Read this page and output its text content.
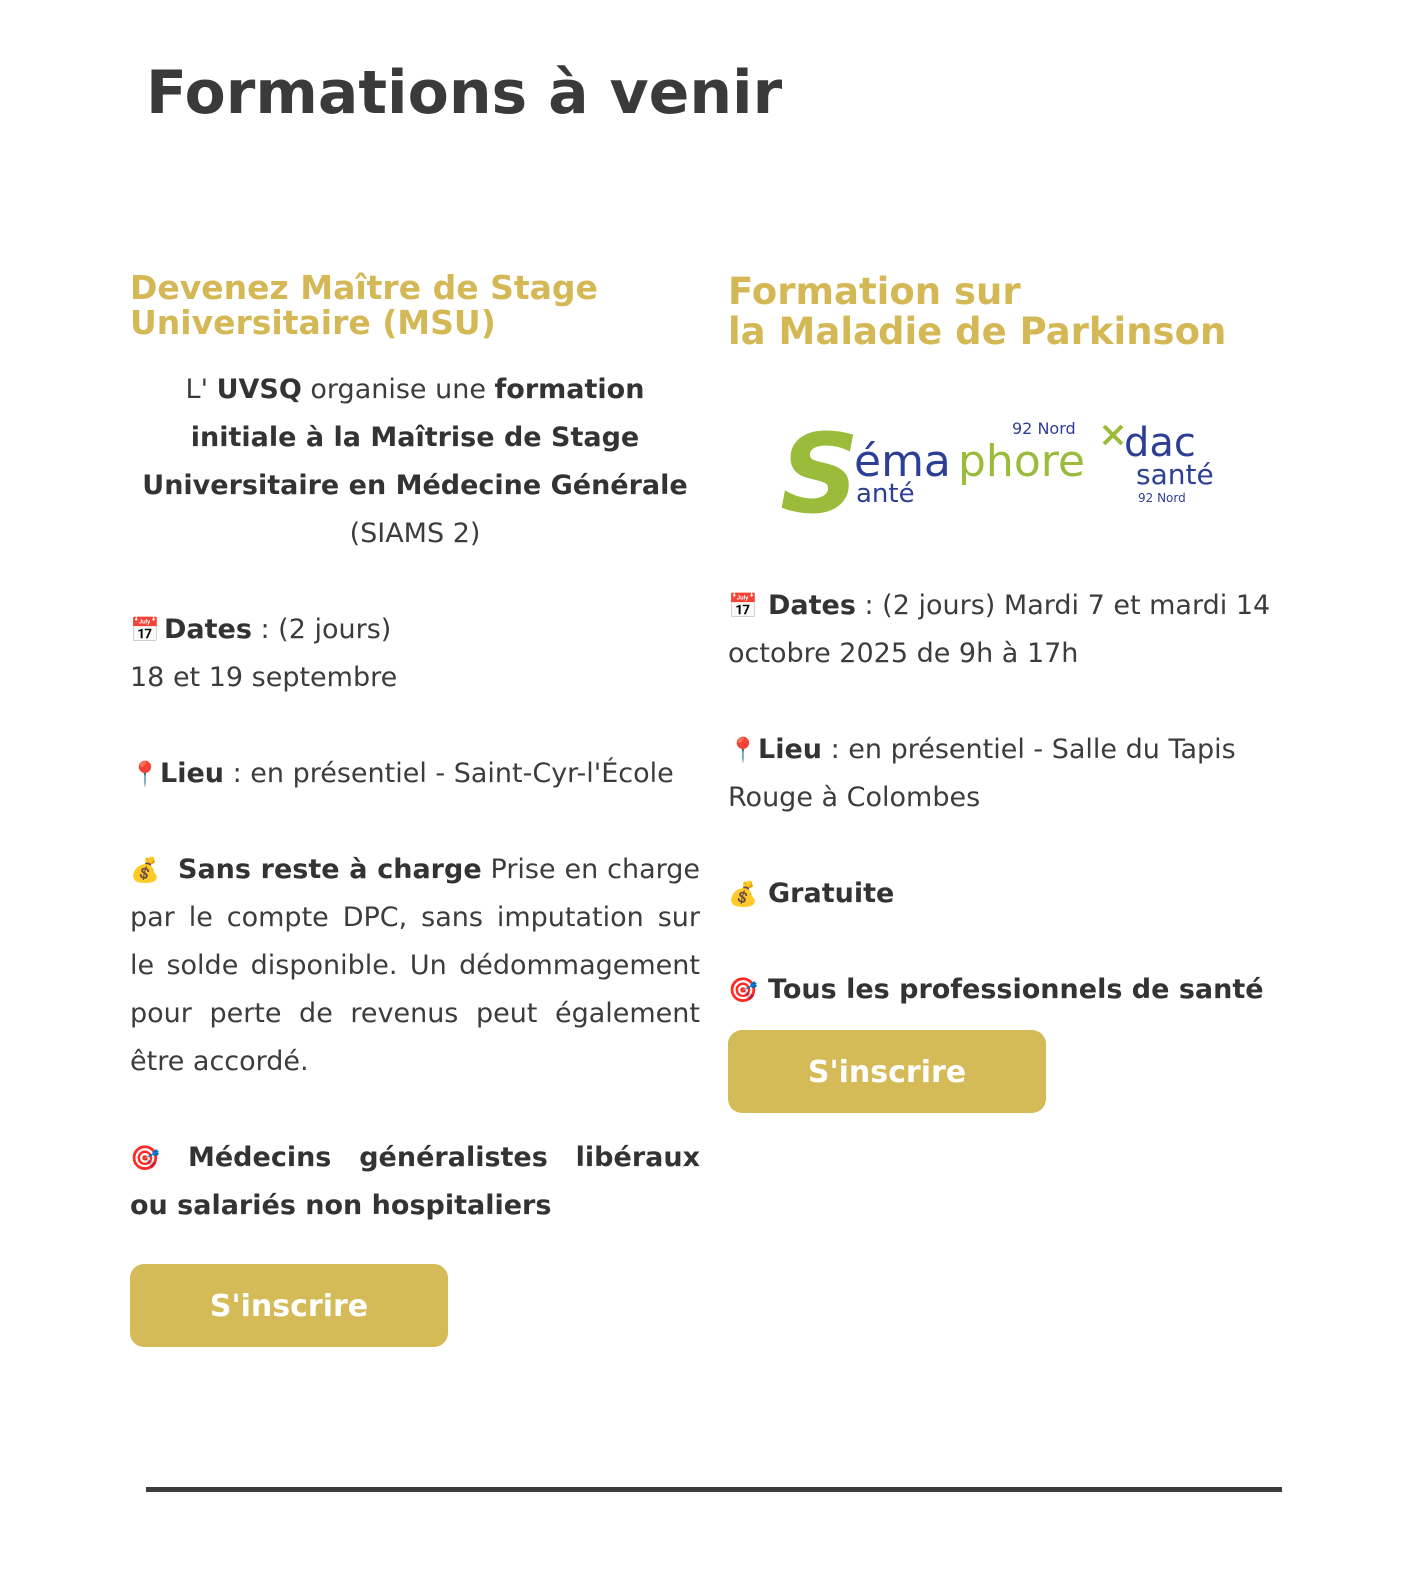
Formations à venir
Devenez Maître de Stage
Universitaire (MSU)

L' UVSQ organise une formation initiale à la Maîtrise de Stage Universitaire en Médecine Générale
(SIAMS 2)

📅 Dates : (2 jours)
18 et 19 septembre

📍Lieu : en présentiel - Saint-Cyr-l'École

💰 Sans reste à charge Prise en charge par le compte DPC, sans imputation sur le solde disponible. Un dédommagement pour perte de revenus peut également être accordé.

🎯 Médecins généralistes libéraux ou salariés non hospitaliers

S'inscrire
Formation sur
la Maladie de Parkinson
S
éma phore
92 Nord
anté
dac
santé
92 Nord

📅 Dates : (2 jours) Mardi 7 et mardi 14 octobre 2025 de 9h à 17h

📍Lieu : en présentiel - Salle du Tapis Rouge à Colombes

💰 Gratuite

🎯 Tous les professionnels de santé

S'inscrire
